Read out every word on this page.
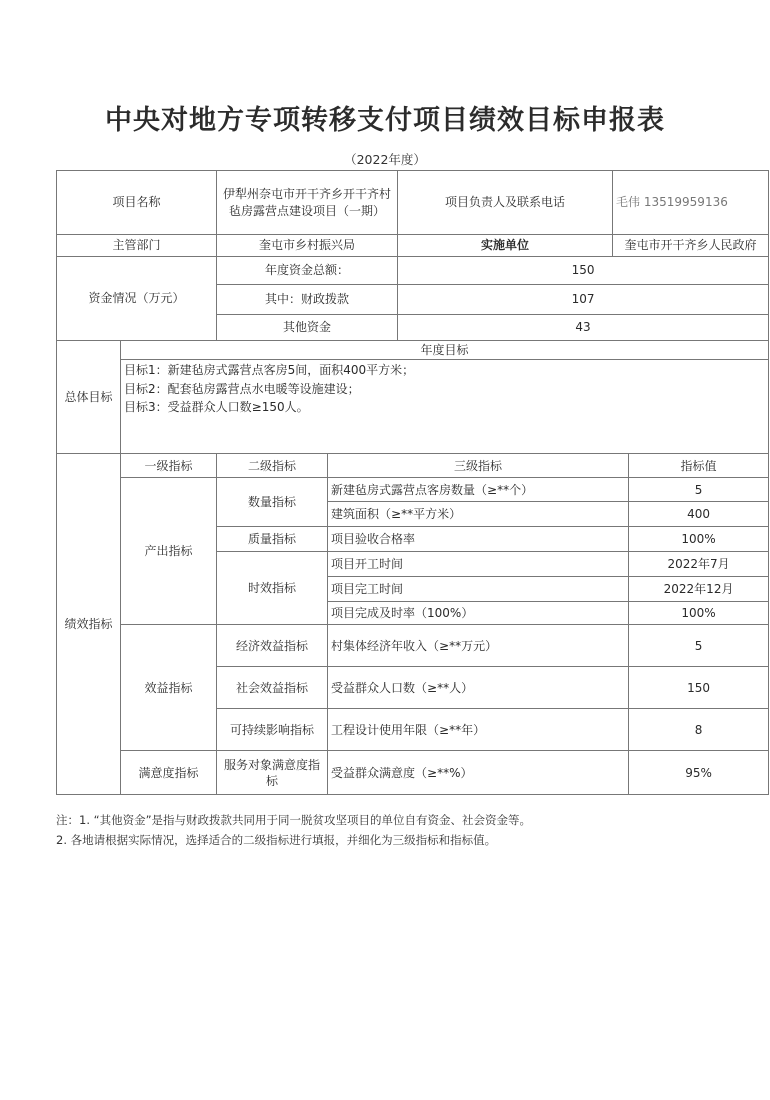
中央对地方专项转移支付项目绩效目标申报表
（2022年度）
项目名称		伊犁州奈屯市开干齐乡开干齐村毡房露营点建设项目（一期）		项目负责人及联系电话	毛伟 13519959136	
主管部门		奎屯市乡村振兴局		实施单位	奎屯市开干齐乡人民政府	
资金情况（万元）		年度资金总额：		150		
		其中：财政拨款		107		
		其他资金		43		
总体目标	年度目标					

	目标1：新建毡房式露营点客房5间，面积400平方米；
目标2：配套毡房露营点水电暖等设施建设；
目标3：受益群众人口数≥150人。					

绩效指标	一级指标	二级指标	三级指标			指标值
	产出指标	数量指标	新建毡房式露营点客房数量（≥**个）			5
			建筑面积（≥**平方米）			400
		质量指标	项目验收合格率			100%
		时效指标	项目开工时间			2022年7月
			项目完工时间			2022年12月
			项目完成及时率（100%）			100%
	效益指标	经济效益指标	村集体经济年收入（≥**万元）			5
		社会效益指标	受益群众人口数（≥**人）			150
		可持续影响指标	工程设计使用年限（≥**年）			8
	满意度指标	服务对象满意度指标	受益群众满意度（≥**%）			95%
注：1. “其他资金”是指与财政拨款共同用于同一脱贫攻坚项目的单位自有资金、社会资金等。
2. 各地请根据实际情况，选择适合的二级指标进行填报，并细化为三级指标和指标值。
